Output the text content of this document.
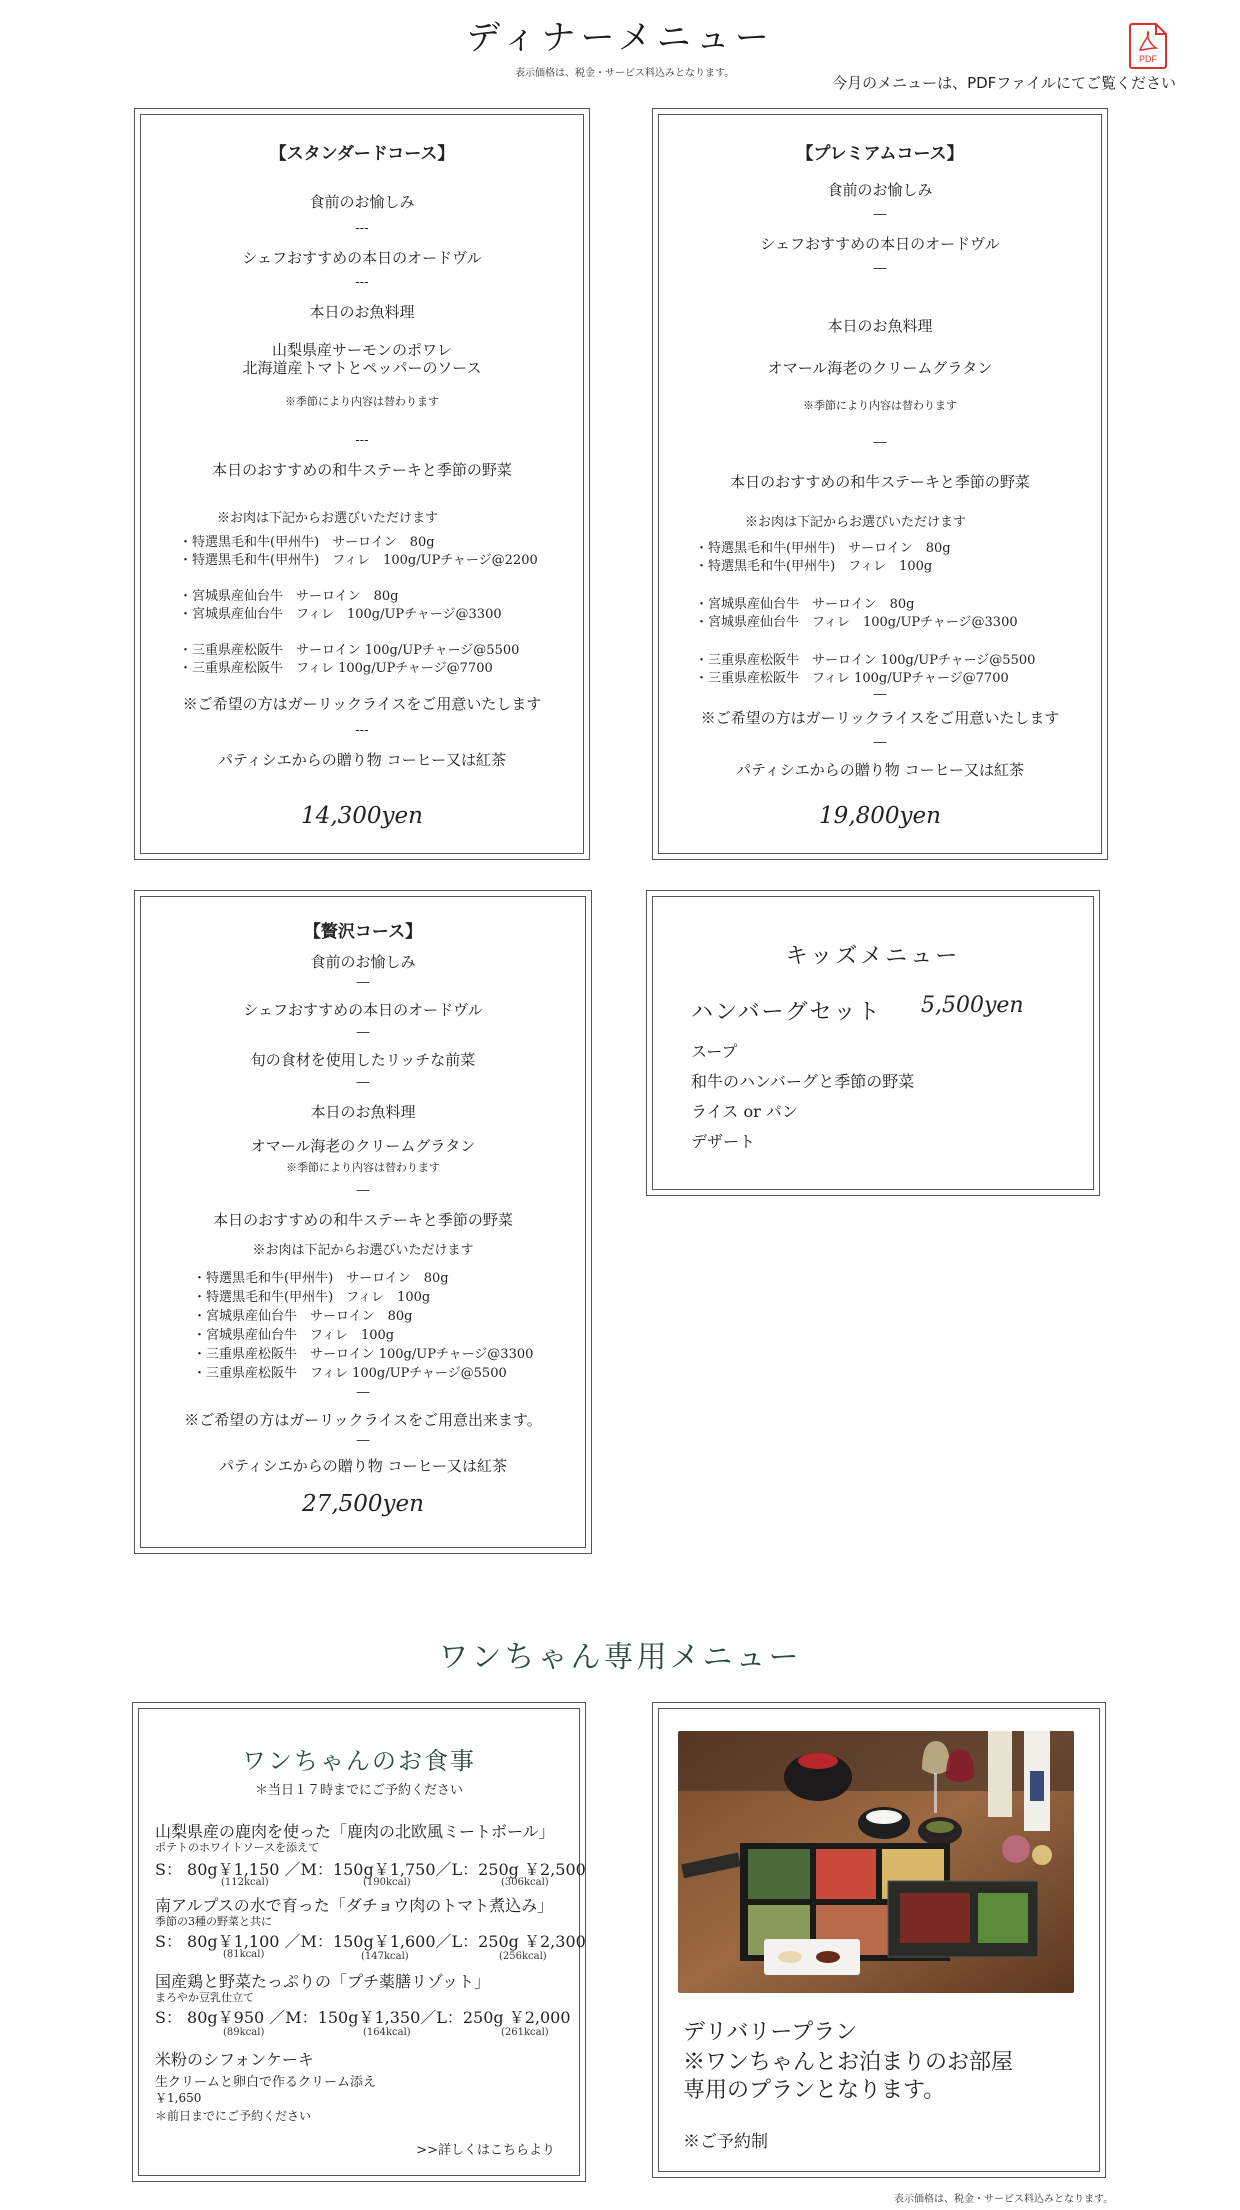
ディナーメニュー
表示価格は、税金・サービス料込みとなります。
PDF
今月のメニューは、PDFファイルにてご覧ください
【スタンダードコース】
食前のお愉しみ
---
シェフおすすめの本日のオードヴル
---
本日のお魚料理
山梨県産サーモンのポワレ
北海道産トマトとペッパーのソース
※季節により内容は替わります
---
本日のおすすめの和牛ステーキと季節の野菜
※お肉は下記からお選びいただけます
・特選黒毛和牛(甲州牛)　サーロイン　80g
・特選黒毛和牛(甲州牛)　フィレ　100g/UPチャージ@2200
・宮城県産仙台牛　サーロイン　80g
・宮城県産仙台牛　フィレ　100g/UPチャージ@3300
・三重県産松阪牛　サーロイン 100g/UPチャージ@5500
・三重県産松阪牛　フィレ 100g/UPチャージ@7700
※ご希望の方はガーリックライスをご用意いたします
---
パティシエからの贈り物 コーヒー又は紅茶
14,300yen
【プレミアムコース】
食前のお愉しみ
―
シェフおすすめの本日のオードヴル
―
本日のお魚料理
オマール海老のクリームグラタン
※季節により内容は替わります
―
本日のおすすめの和牛ステーキと季節の野菜
※お肉は下記からお選びいただけます
・特選黒毛和牛(甲州牛)　サーロイン　80g
・特選黒毛和牛(甲州牛)　フィレ　100g
・宮城県産仙台牛　サーロイン　80g
・宮城県産仙台牛　フィレ　100g/UPチャージ@3300
・三重県産松阪牛　サーロイン 100g/UPチャージ@5500
・三重県産松阪牛　フィレ 100g/UPチャージ@7700
―
※ご希望の方はガーリックライスをご用意いたします
―
パティシエからの贈り物 コーヒー又は紅茶
19,800yen
【贅沢コース】
食前のお愉しみ
―
シェフおすすめの本日のオードヴル
―
旬の食材を使用したリッチな前菜
―
本日のお魚料理
オマール海老のクリームグラタン
※季節により内容は替わります
―
本日のおすすめの和牛ステーキと季節の野菜
※お肉は下記からお選びいただけます
・特選黒毛和牛(甲州牛)　サーロイン　80g
・特選黒毛和牛(甲州牛)　フィレ　100g
・宮城県産仙台牛　サーロイン　80g
・宮城県産仙台牛　フィレ　100g
・三重県産松阪牛　サーロイン 100g/UPチャージ@3300
・三重県産松阪牛　フィレ 100g/UPチャージ@5500
―
※ご希望の方はガーリックライスをご用意出来ます。
―
パティシエからの贈り物 コーヒー又は紅茶
27,500yen
キッズメニュー
ハンバーグセット 5,500yen
スープ
和牛のハンバーグと季節の野菜
ライス or パン
デザート
ワンちゃん専用メニュー
ワンちゃんのお食事
＊当日１７時までにご予約ください
山梨県産の鹿肉を使った「鹿肉の北欧風ミートボール」
ポテトのホワイトソースを添えて
S： 80g￥1,150 ／M：150g￥1,750／L：250g ￥2,500
(112kcal)	(190kcal)	(306kcal)
南アルプスの水で育った「ダチョウ肉のトマト煮込み」
季節の3種の野菜と共に
S： 80g￥1,100 ／M：150g￥1,600／L：250g ￥2,300
(81kcal)	(147kcal)	(256kcal)
国産鶏と野菜たっぷりの「プチ薬膳リゾット」
まろやか豆乳仕立て
S： 80g￥950 ／M：150g￥1,350／L：250g ￥2,000
(89kcal)	(164kcal)	(261kcal)
米粉のシフォンケーキ
生クリームと卵白で作るクリーム添え
￥1,650
＊前日までにご予約ください
>>詳しくはこちらより
デリバリープラン
※ワンちゃんとお泊まりのお部屋
専用のプランとなります。
※ご予約制
表示価格は、税金・サービス料込みとなります。
